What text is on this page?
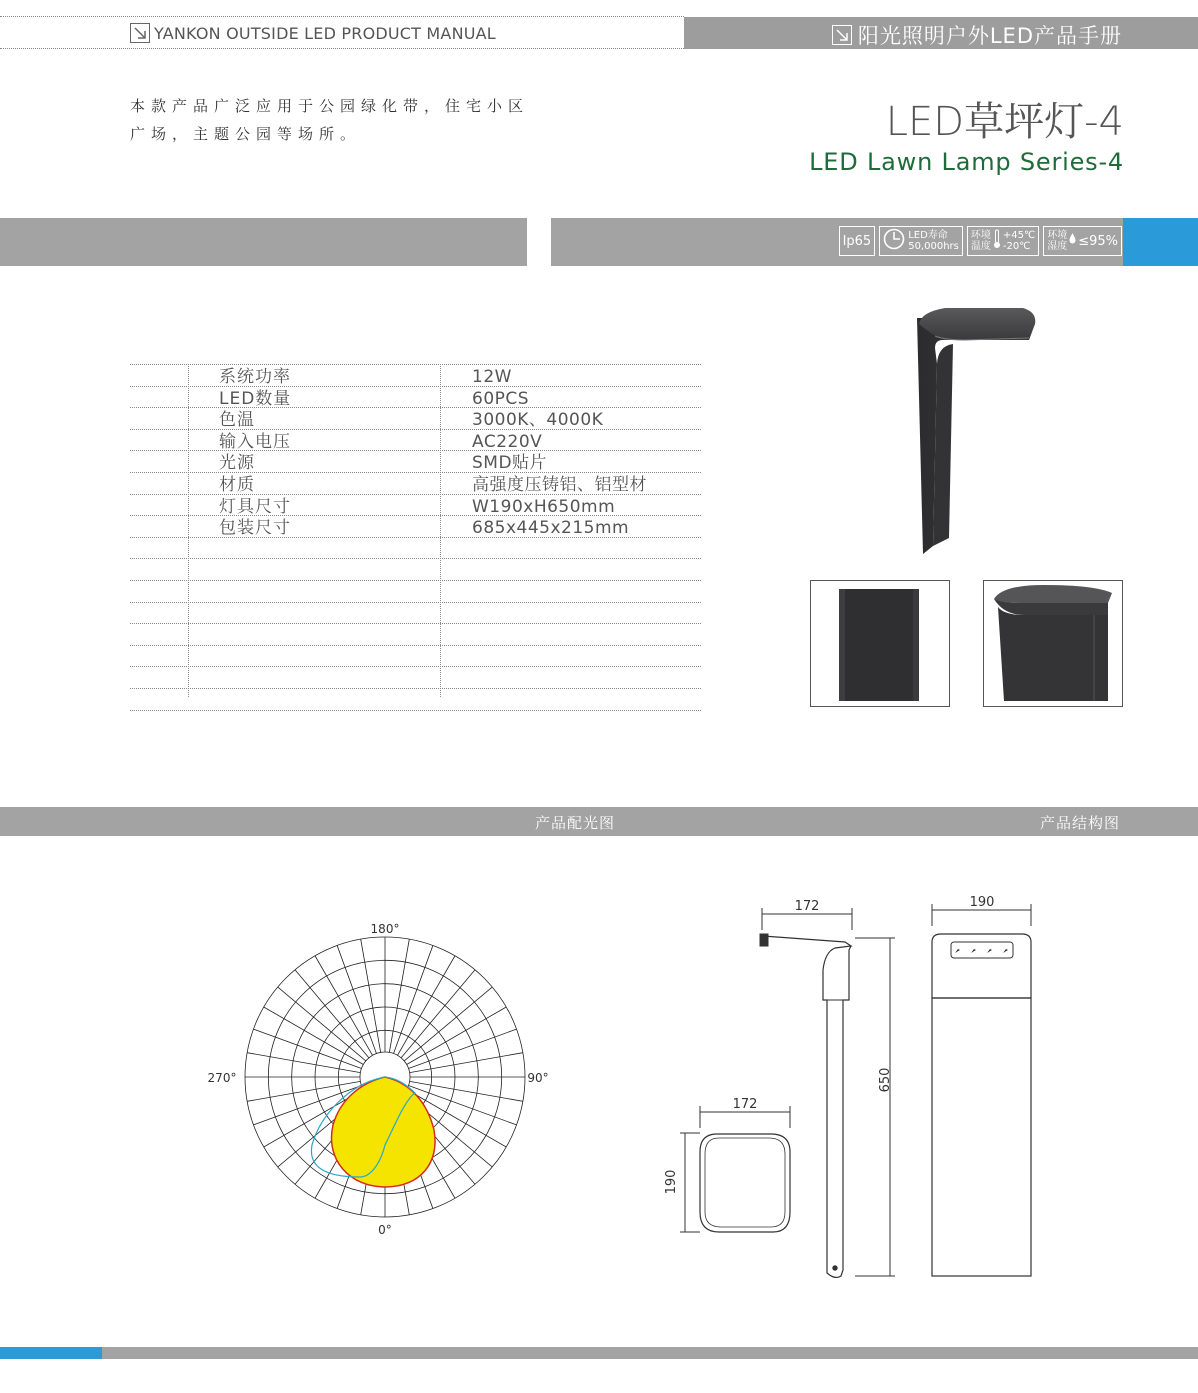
YANKON OUTSIDE LED PRODUCT MANUAL	阳光照明户外LED产品手册
本款产品广泛应用于公园绿化带，住宅小区
广场，主题公园等场所。	LED草坪灯-4
LED Lawn Lamp Series-4
Ip65	LED寿命
50,000hrs
环境
温度
+45℃
-20℃
环境
湿度 ≤95%
系统功率	12W
LED数量	60PCS
色温	3000K、4000K
输入电压	AC220V
光源	SMD贴片
材质	高强度压铸铝、铝型材
灯具尺寸	W190xH650mm
包装尺寸	685x445x215mm
产品配光图	产品结构图
180°
90°
0°
270°
172	190
650
172
190
